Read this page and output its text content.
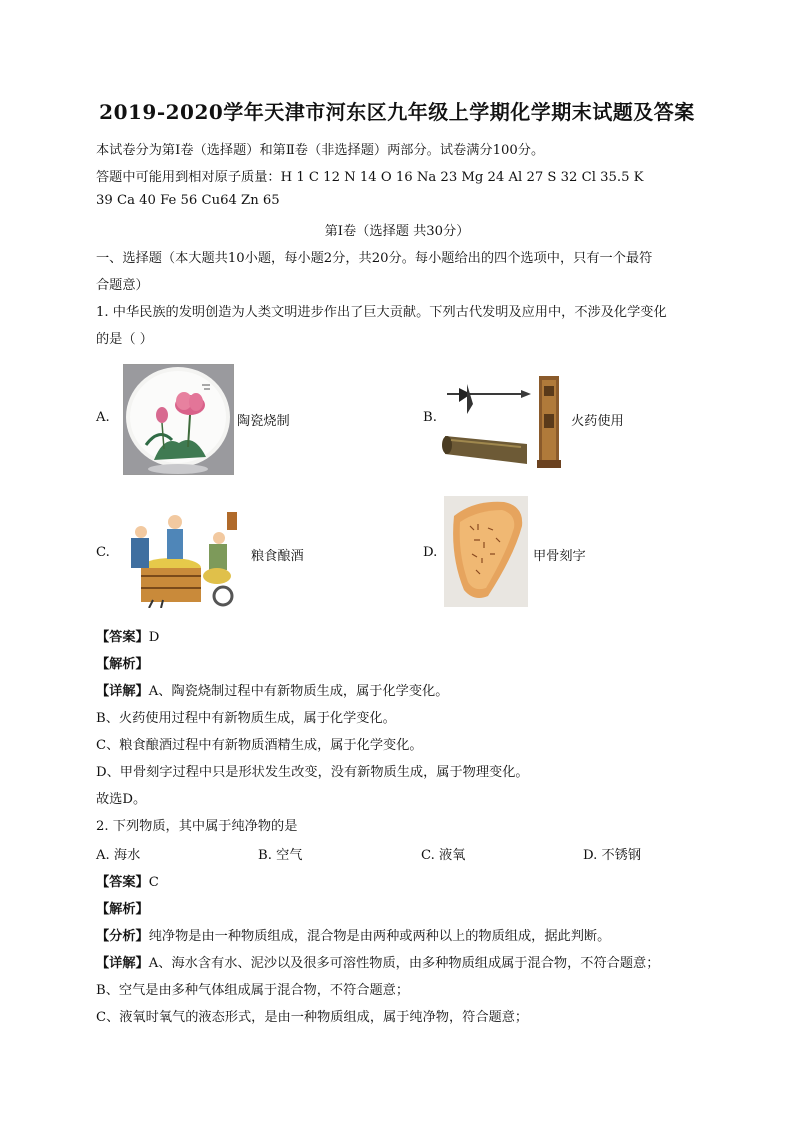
2019-2020学年天津市河东区九年级上学期化学期末试题及答案
本试卷分为第Ⅰ卷（选择题）和第Ⅱ卷（非选择题）两部分。试卷满分100分。
答题中可能用到相对原子质量：H 1 C 12 N 14 O 16 Na 23 Mg 24 Al 27 S 32 Cl 35.5 K
39 Ca 40 Fe 56 Cu64 Zn 65
第Ⅰ卷（选择题 共30分）
一、选择题（本大题共10小题，每小题2分，共20分。每小题给出的四个选项中，只有一个最符
合题意）
1. 中华民族的发明创造为人类文明进步作出了巨大贡献。下列古代发明及应用中，不涉及化学变化
的是（ ）
A.	陶瓷烧制	B.	火药使用
C.	粮食酿酒	D.	甲骨刻字
【答案】D
【解析】
【详解】A、陶瓷烧制过程中有新物质生成，属于化学变化。
B、火药使用过程中有新物质生成，属于化学变化。
C、粮食酿酒过程中有新物质酒精生成，属于化学变化。
D、甲骨刻字过程中只是形状发生改变，没有新物质生成，属于物理变化。
故选D。
2. 下列物质，其中属于纯净物的是
A. 海水	B. 空气	C. 液氧	D. 不锈钢
【答案】C
【解析】
【分析】纯净物是由一种物质组成，混合物是由两种或两种以上的物质组成，据此判断。
【详解】A、海水含有水、泥沙以及很多可溶性物质，由多种物质组成属于混合物，不符合题意；
B、空气是由多种气体组成属于混合物，不符合题意；
C、液氧时氧气的液态形式，是由一种物质组成，属于纯净物，符合题意；
